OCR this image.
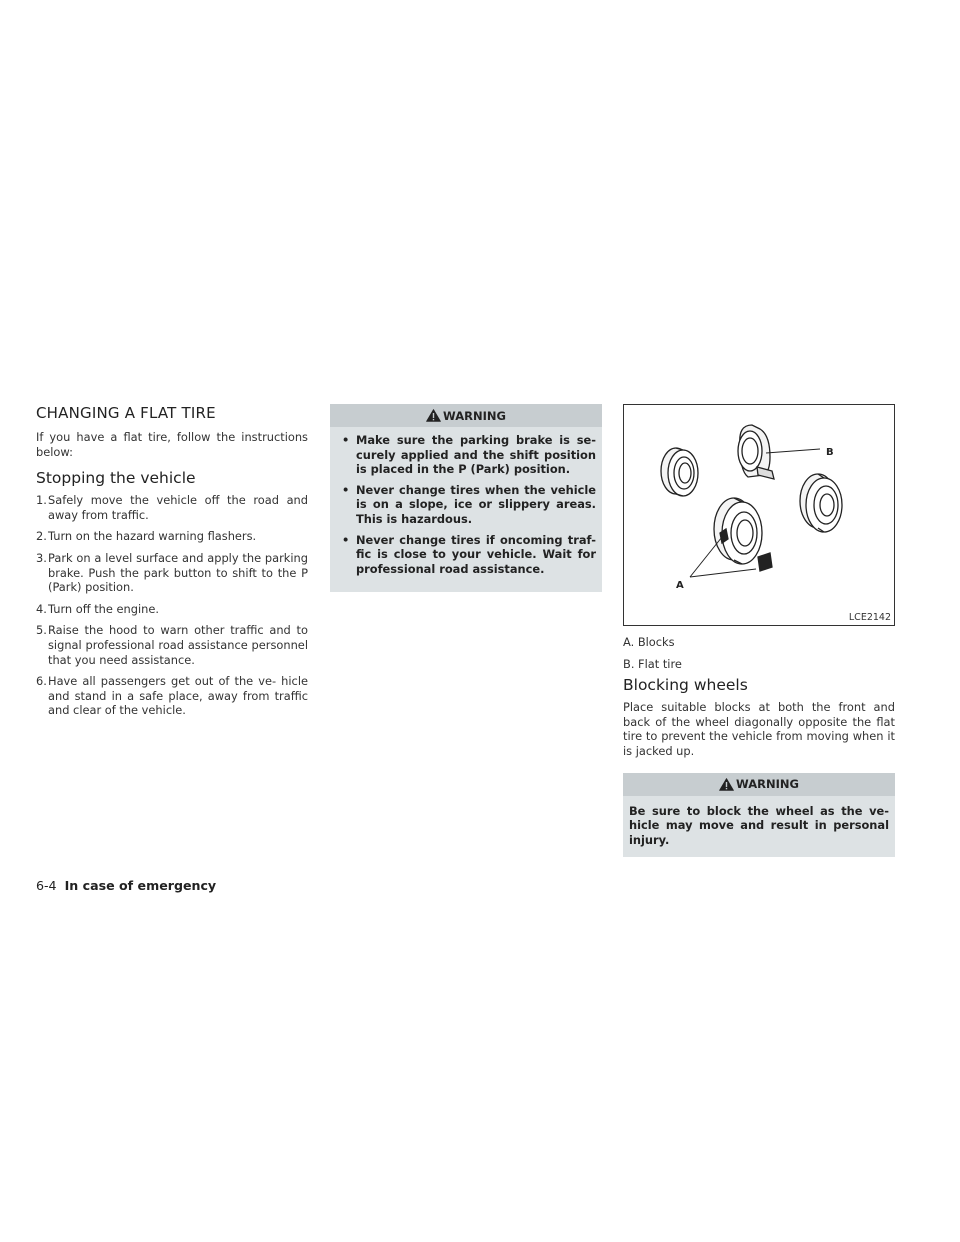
CHANGING A FLAT TIRE

If you have a flat tire, follow the instructions below:

Stopping the vehicle
1.Safely move the vehicle off the road and away from traffic.
2.Turn on the hazard warning flashers.
3.Park on a level surface and apply the parking brake. Push the park button to shift to the P (Park) position.
4.Turn off the engine.
5.Raise the hood to warn other traffic and to signal professional road assistance personnel that you need assistance.
6.Have all passengers get out of the ve- hicle and stand in a safe place, away from traffic and clear of the vehicle.
WARNING
• Make sure the parking brake is se- curely applied and the shift position is placed in the P (Park) position.
• Never change tires when the vehicle is on a slope, ice or slippery areas. This is hazardous.
• Never change tires if oncoming traf- fic is close to your vehicle. Wait for professional road assistance.
B
A
LCE2142
A. Blocks
B. Flat tire
Blocking wheels

Place suitable blocks at both the front and back of the wheel diagonally opposite the flat tire to prevent the vehicle from moving when it is jacked up.

WARNING

Be sure to block the wheel as the ve- hicle may move and result in personal injury.

6-4 In case of emergency
